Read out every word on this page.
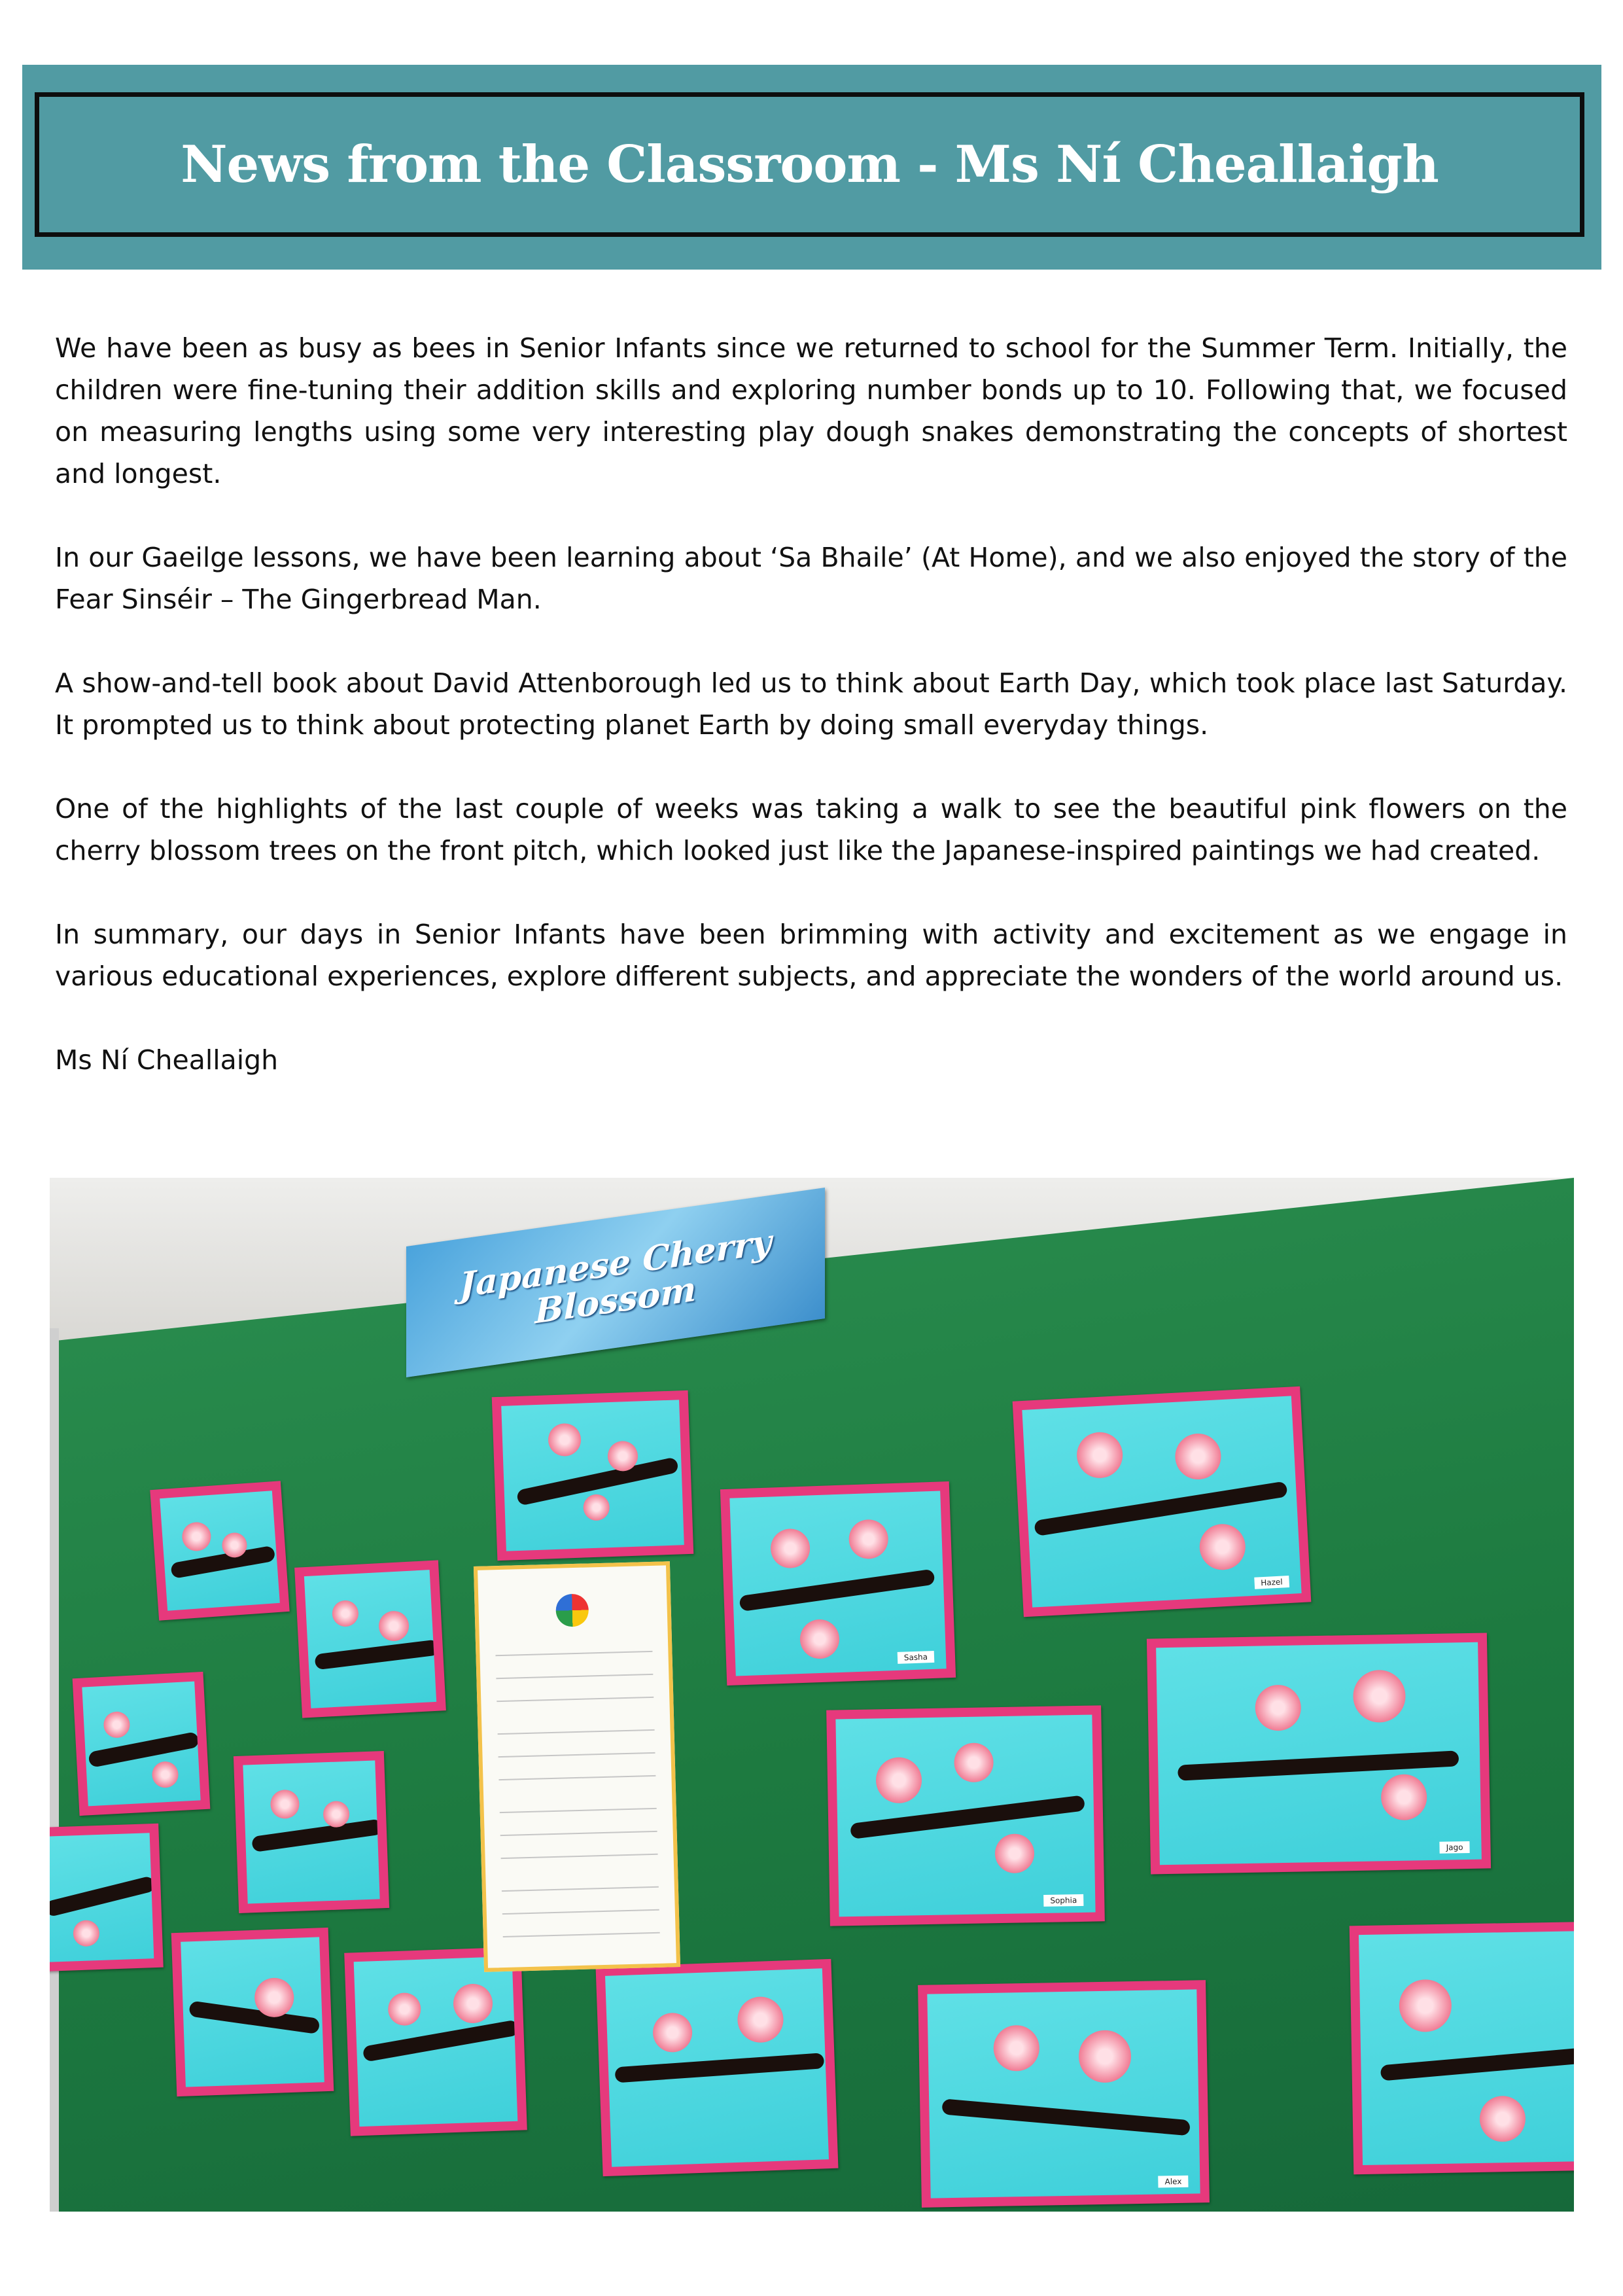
News from the Classroom - Ms Ní Cheallaigh

We have been as busy as bees in Senior Infants since we returned to school for the Summer Term. Initially, the children were fine-tuning their addition skills and exploring number bonds up to 10. Following that, we focused on measuring lengths using some very interesting play dough snakes demonstrating the concepts of shortest and longest.

In our Gaeilge lessons, we have been learning about ‘Sa Bhaile’ (At Home), and we also enjoyed the story of the Fear Sinséir – The Gingerbread Man.

A show-and-tell book about David Attenborough led us to think about Earth Day, which took place last Saturday. It prompted us to think about protecting planet Earth by doing small everyday things.

One of the highlights of the last couple of weeks was taking a walk to see the beautiful pink flowers on the cherry blossom trees on the front pitch, which looked just like the Japanese-inspired paintings we had created.

In summary, our days in Senior Infants have been brimming with activity and excitement as we engage in various educational experiences, explore different subjects, and appreciate the wonders of the world around us.

Ms Ní Cheallaigh

Japanese Cherry Blossom
Sasha
Hazel
Jago
Sophia
Alex
